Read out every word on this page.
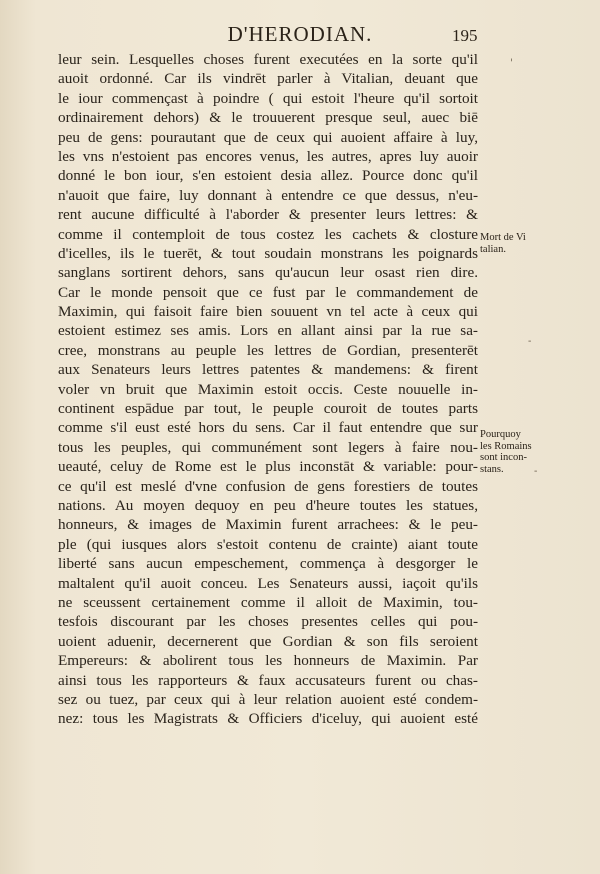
D'HERODIAN.	195
leur sein. Lesquelles choses furent executées en la sorte qu'il
auoit ordonné. Car ils vindrēt parler à Vitalian, deuant que
le iour commençast à poindre ( qui estoit l'heure qu'il sortoit
ordinairement dehors) & le trouuerent presque seul, auec biē
peu de gens: pourautant que de ceux qui auoient affaire à luy,
les vns n'estoient pas encores venus, les autres, apres luy auoir
donné le bon iour, s'en estoient desia allez. Pource donc qu'il
n'auoit que faire, luy donnant à entendre ce que dessus, n'eu-
rent aucune difficulté à l'aborder & presenter leurs lettres: &
comme il contemploit de tous costez les cachets & closture
d'icelles, ils le tuerēt, & tout soudain monstrans les poignards
sanglans sortirent dehors, sans qu'aucun leur osast rien dire.
Car le monde pensoit que ce fust par le commandement de
Maximin, qui faisoit faire bien souuent vn tel acte à ceux qui
estoient estimez ses amis. Lors en allant ainsi par la rue sa-
cree, monstrans au peuple les lettres de Gordian, presenterēt
aux Senateurs leurs lettres patentes & mandemens: & firent
voler vn bruit que Maximin estoit occis. Ceste nouuelle in-
continent espādue par tout, le peuple couroit de toutes parts
comme s'il eust esté hors du sens. Car il faut entendre que sur
tous les peuples, qui communément sont legers à faire nou-
ueauté, celuy de Rome est le plus inconstāt & variable: pour-
ce qu'il est meslé d'vne confusion de gens forestiers de toutes
nations. Au moyen dequoy en peu d'heure toutes les statues,
honneurs, & images de Maximin furent arrachees: & le peu-
ple (qui iusques alors s'estoit contenu de crainte) aiant toute
liberté sans aucun empeschement, commença à desgorger le
maltalent qu'il auoit conceu. Les Senateurs aussi, iaçoit qu'ils
ne sceussent certainement comme il alloit de Maximin, tou-
tesfois discourant par les choses presentes celles qui pou-
uoient aduenir, decernerent que Gordian & son fils seroient
Empereurs: & abolirent tous les honneurs de Maximin. Par
ainsi tous les rapporteurs & faux accusateurs furent ou chas-
sez ou tuez, par ceux qui à leur relation auoient esté condem-
nez: tous les Magistrats & Officiers d'iceluy, qui auoient esté
Mort de Vi
talian.
Pourquoy
les Romains
sont incon-
stans.
'
-
-
